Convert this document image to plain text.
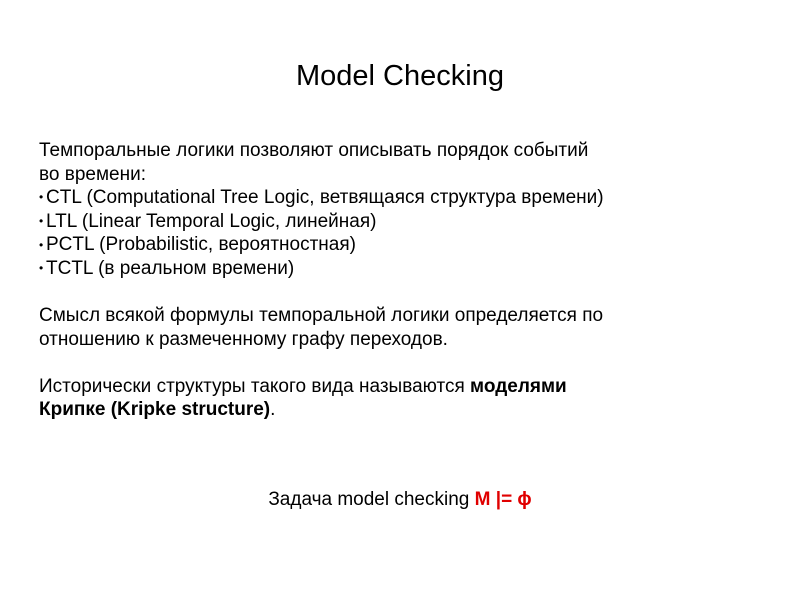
Model Checking
Темпоральные логики позволяют описывать порядок событий
во времени:
• CTL (Computational Tree Logic, ветвящаяся структура времени)
• LTL (Linear Temporal Logic, линейная)
• PCTL (Probabilistic, вероятностная)
• TCTL (в реальном времени)
Смысл всякой формулы темпоральной логики определяется по
отношению к размеченному графу переходов.
Исторически структуры такого вида называются моделями
Крипке (Kripke structure).
Задача model checking M |= ϕ
